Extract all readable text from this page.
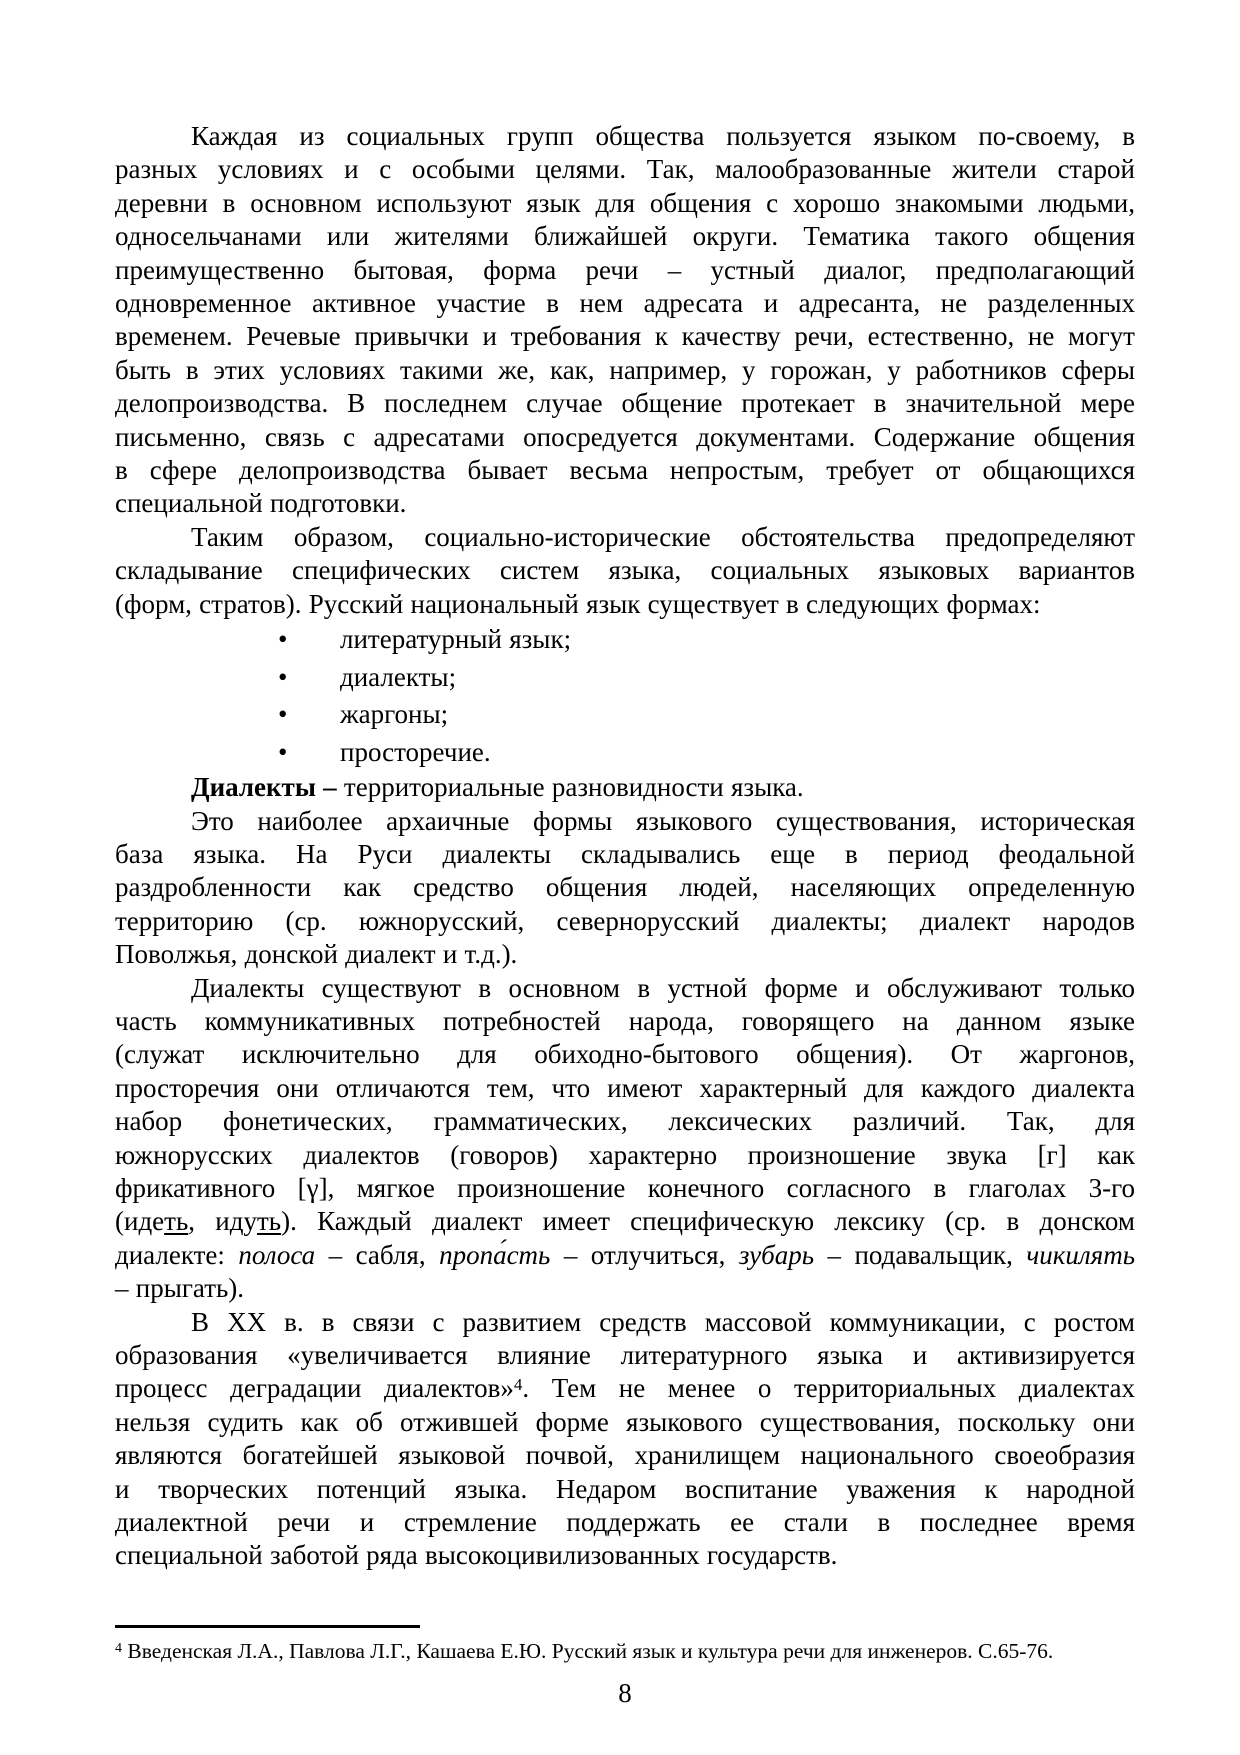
Каждая из социальных групп общества пользуется языком по-своему, в
разных условиях и с особыми целями. Так, малообразованные жители старой
деревни в основном используют язык для общения с хорошо знакомыми людьми,
односельчанами или жителями ближайшей округи. Тематика такого общения
преимущественно бытовая, форма речи – устный диалог, предполагающий
одновременное активное участие в нем адресата и адресанта, не разделенных
временем. Речевые привычки и требования к качеству речи, естественно, не могут
быть в этих условиях такими же, как, например, у горожан, у работников сферы
делопроизводства. В последнем случае общение протекает в значительной мере
письменно, связь с адресатами опосредуется документами. Содержание общения
в сфере делопроизводства бывает весьма непростым, требует от общающихся
специальной подготовки.
Таким образом, социально-исторические обстоятельства предопределяют
складывание специфических систем языка, социальных языковых вариантов
(форм, стратов). Русский национальный язык существует в следующих формах:
• литературный язык;
• диалекты;
• жаргоны;
• просторечие.
Диалекты – территориальные разновидности языка.
Это наиболее архаичные формы языкового существования, историческая
база языка. На Руси диалекты складывались еще в период феодальной
раздробленности как средство общения людей, населяющих определенную
территорию (ср. южнорусский, севернорусский диалекты; диалект народов
Поволжья, донской диалект и т.д.).
Диалекты существуют в основном в устной форме и обслуживают только
часть коммуникативных потребностей народа, говорящего на данном языке
(служат исключительно для обиходно-бытового общения). От жаргонов,
просторечия они отличаются тем, что имеют характерный для каждого диалекта
набор фонетических, грамматических, лексических различий. Так, для
южнорусских диалектов (говоров) характерно произношение звука [г] как
фрикативного [γ], мягкое произношение конечного согласного в глаголах 3-го
(идеть, идуть). Каждый диалект имеет специфическую лексику (ср. в донском
диалекте: полоса – сабля, пропа́сть – отлучиться, зубарь – подавальщик, чикилять
– прыгать).
В XX в. в связи с развитием средств массовой коммуникации, с ростом
образования «увеличивается влияние литературного языка и активизируется
процесс деградации диалектов»$^4$. Тем не менее о территориальных диалектах
нельзя судить как об отжившей форме языкового существования, поскольку они
являются богатейшей языковой почвой, хранилищем национального своеобразия
и творческих потенций языка. Недаром воспитание уважения к народной
диалектной речи и стремление поддержать ее стали в последнее время
специальной заботой ряда высокоцивилизованных государств.
$^4$ Введенская Л.А., Павлова Л.Г., Кашаева Е.Ю. Русский язык и культура речи для инженеров. С.65-76.
8
